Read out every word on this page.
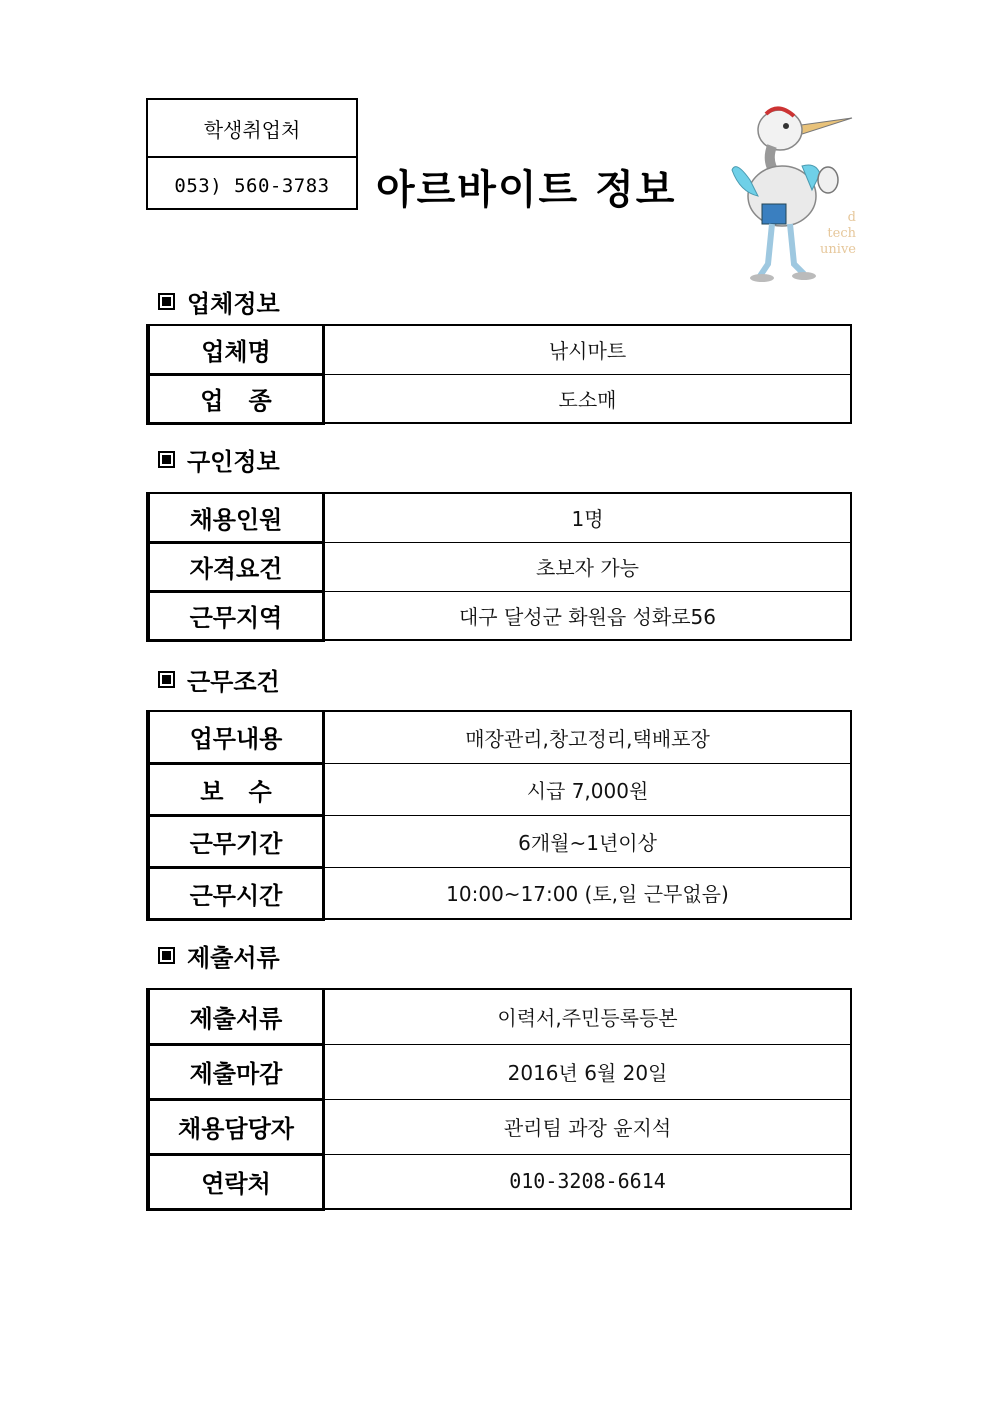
학생취업처
053) 560-3783	아르바이트 정보
d
tech
unive
업체정보
업체명	낚시마트
업   종	도소매
구인정보
채용인원	1명
자격요건	초보자 가능
근무지역	대구 달성군 화원읍 성화로56
근무조건
업무내용	매장관리,창고정리,택배포장
보   수	시급 7,000원
근무기간	6개월~1년이상
근무시간	10:00~17:00 (토,일 근무없음)
제출서류
제출서류	이력서,주민등록등본
제출마감	2016년 6월 20일
채용담당자	관리팀 과장 윤지석
연락처	010-3208-6614
